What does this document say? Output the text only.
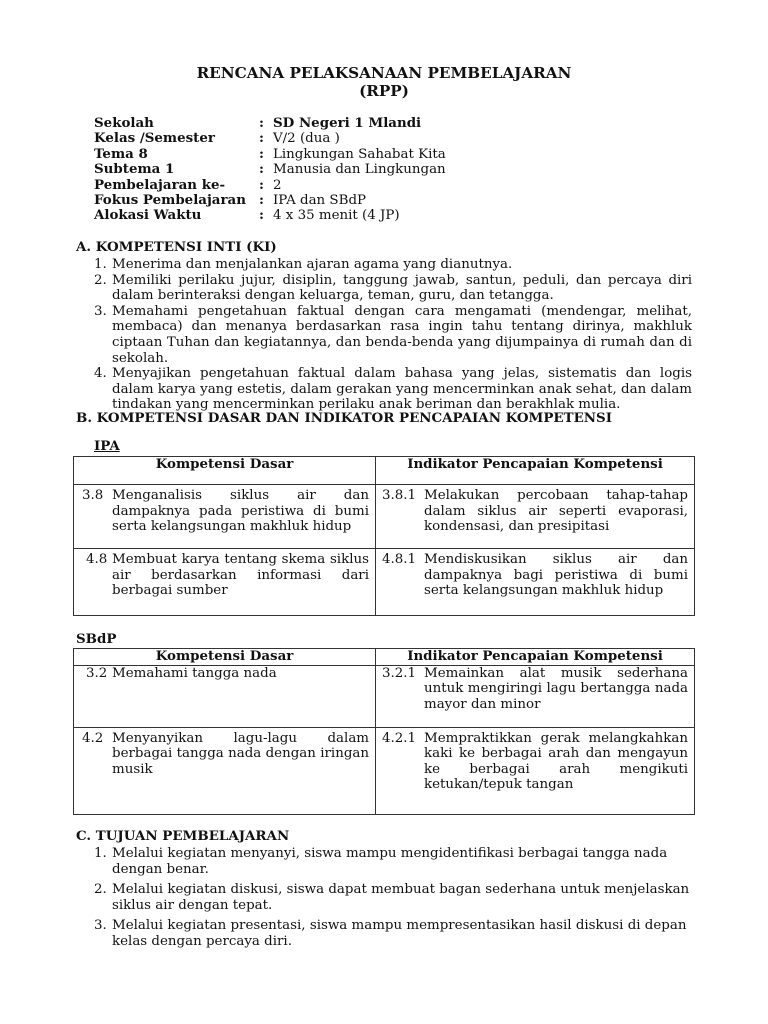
RENCANA PELAKSANAAN PEMBELAJARAN
(RPP)
Sekolah	:	SD Negeri 1 Mlandi
Kelas /Semester	:	V/2 (dua )
Tema 8	:	Lingkungan Sahabat Kita
Subtema 1	:	Manusia dan Lingkungan
Pembelajaran ke-	:	2
Fokus Pembelajaran	:	IPA dan SBdP
Alokasi Waktu	:	4 x 35 menit (4 JP)
A. KOMPETENSI INTI (KI)
1. Menerima dan menjalankan ajaran agama yang dianutnya.
2. Memiliki perilaku jujur, disiplin, tanggung jawab, santun, peduli, dan percaya diri dalam berinteraksi dengan keluarga, teman, guru, dan tetangga.
3. Memahami pengetahuan faktual dengan cara mengamati (mendengar, melihat, membaca) dan menanya berdasarkan rasa ingin tahu tentang dirinya, makhluk ciptaan Tuhan dan kegiatannya, dan benda-benda yang dijumpainya di rumah dan di sekolah.
4. Menyajikan pengetahuan faktual dalam bahasa yang jelas, sistematis dan logis dalam karya yang estetis, dalam gerakan yang mencerminkan anak sehat, dan dalam tindakan yang mencerminkan perilaku anak beriman dan berakhlak mulia.
B. KOMPETENSI DASAR DAN INDIKATOR PENCAPAIAN KOMPETENSI
IPA
Kompetensi Dasar	Indikator Pencapaian Kompetensi

3.8 Menganalisis siklus air dan dampaknya pada peristiwa di bumi serta kelangsungan makhluk hidup	3.8.1 Melakukan percobaan tahap-tahap dalam siklus air seperti evaporasi, kondensasi, dan presipitasi

4.8 Membuat karya tentang skema siklus air berdasarkan informasi dari berbagai sumber	4.8.1 Mendiskusikan siklus air dan dampaknya bagi peristiwa di bumi serta kelangsungan makhluk hidup
SBdP
Kompetensi Dasar	Indikator Pencapaian Kompetensi

3.2 Memahami tangga nada	3.2.1 Memainkan alat musik sederhana untuk mengiringi lagu bertangga nada mayor dan minor

4.2 Menyanyikan lagu-lagu dalam berbagai tangga nada dengan iringan musik	4.2.1 Mempraktikkan gerak melangkahkan kaki ke berbagai arah dan mengayun ke berbagai arah mengikuti ketukan/tepuk tangan
C. TUJUAN PEMBELAJARAN
1. Melalui kegiatan menyanyi, siswa mampu mengidentifikasi berbagai tangga nada dengan benar.
2. Melalui kegiatan diskusi, siswa dapat membuat bagan sederhana untuk menjelaskan siklus air dengan tepat.
3. Melalui kegiatan presentasi, siswa mampu mempresentasikan hasil diskusi di depan kelas dengan percaya diri.
